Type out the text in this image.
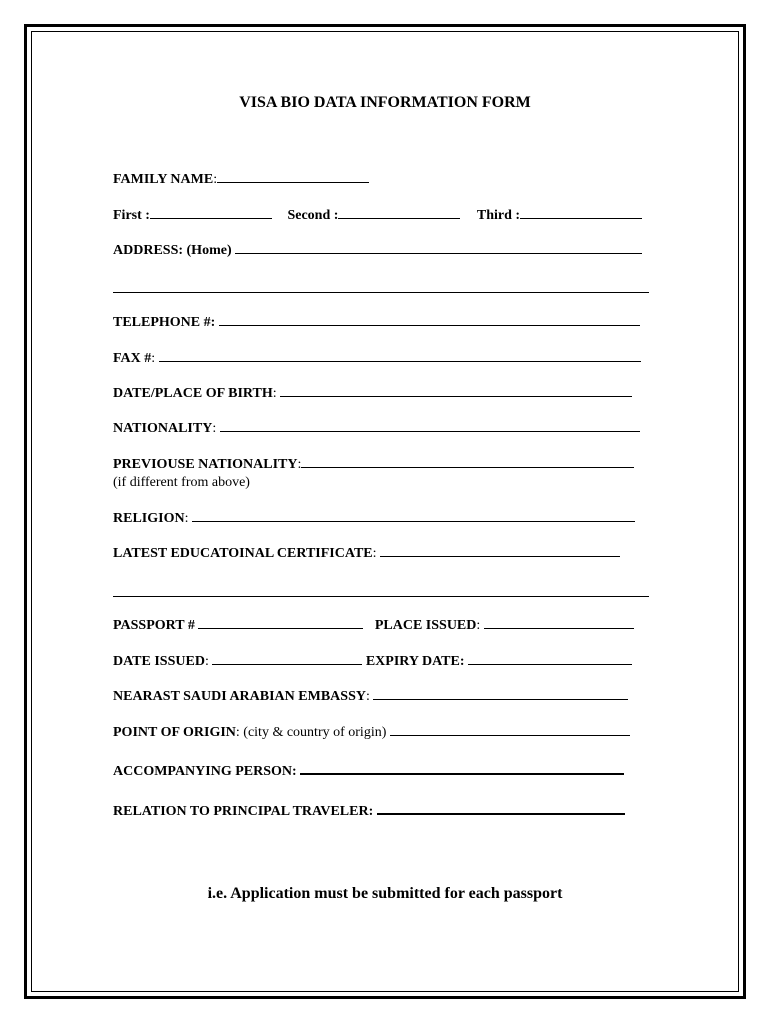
VISA BIO DATA INFORMATION FORM
FAMILY NAME:
First :	Second :	Third :
ADDRESS: (Home)
TELEPHONE #:
FAX #:
DATE/PLACE OF BIRTH:
NATIONALITY:
PREVIOUSE NATIONALITY:
(if different from above)
RELIGION:
LATEST EDUCATOINAL CERTIFICATE:
PASSPORT #	PLACE ISSUED:
DATE ISSUED:	EXPIRY DATE:
NEARAST SAUDI ARABIAN EMBASSY:
POINT OF ORIGIN: (city & country of origin)
ACCOMPANYING PERSON:
RELATION TO PRINCIPAL TRAVELER:
i.e. Application must be submitted for each passport
